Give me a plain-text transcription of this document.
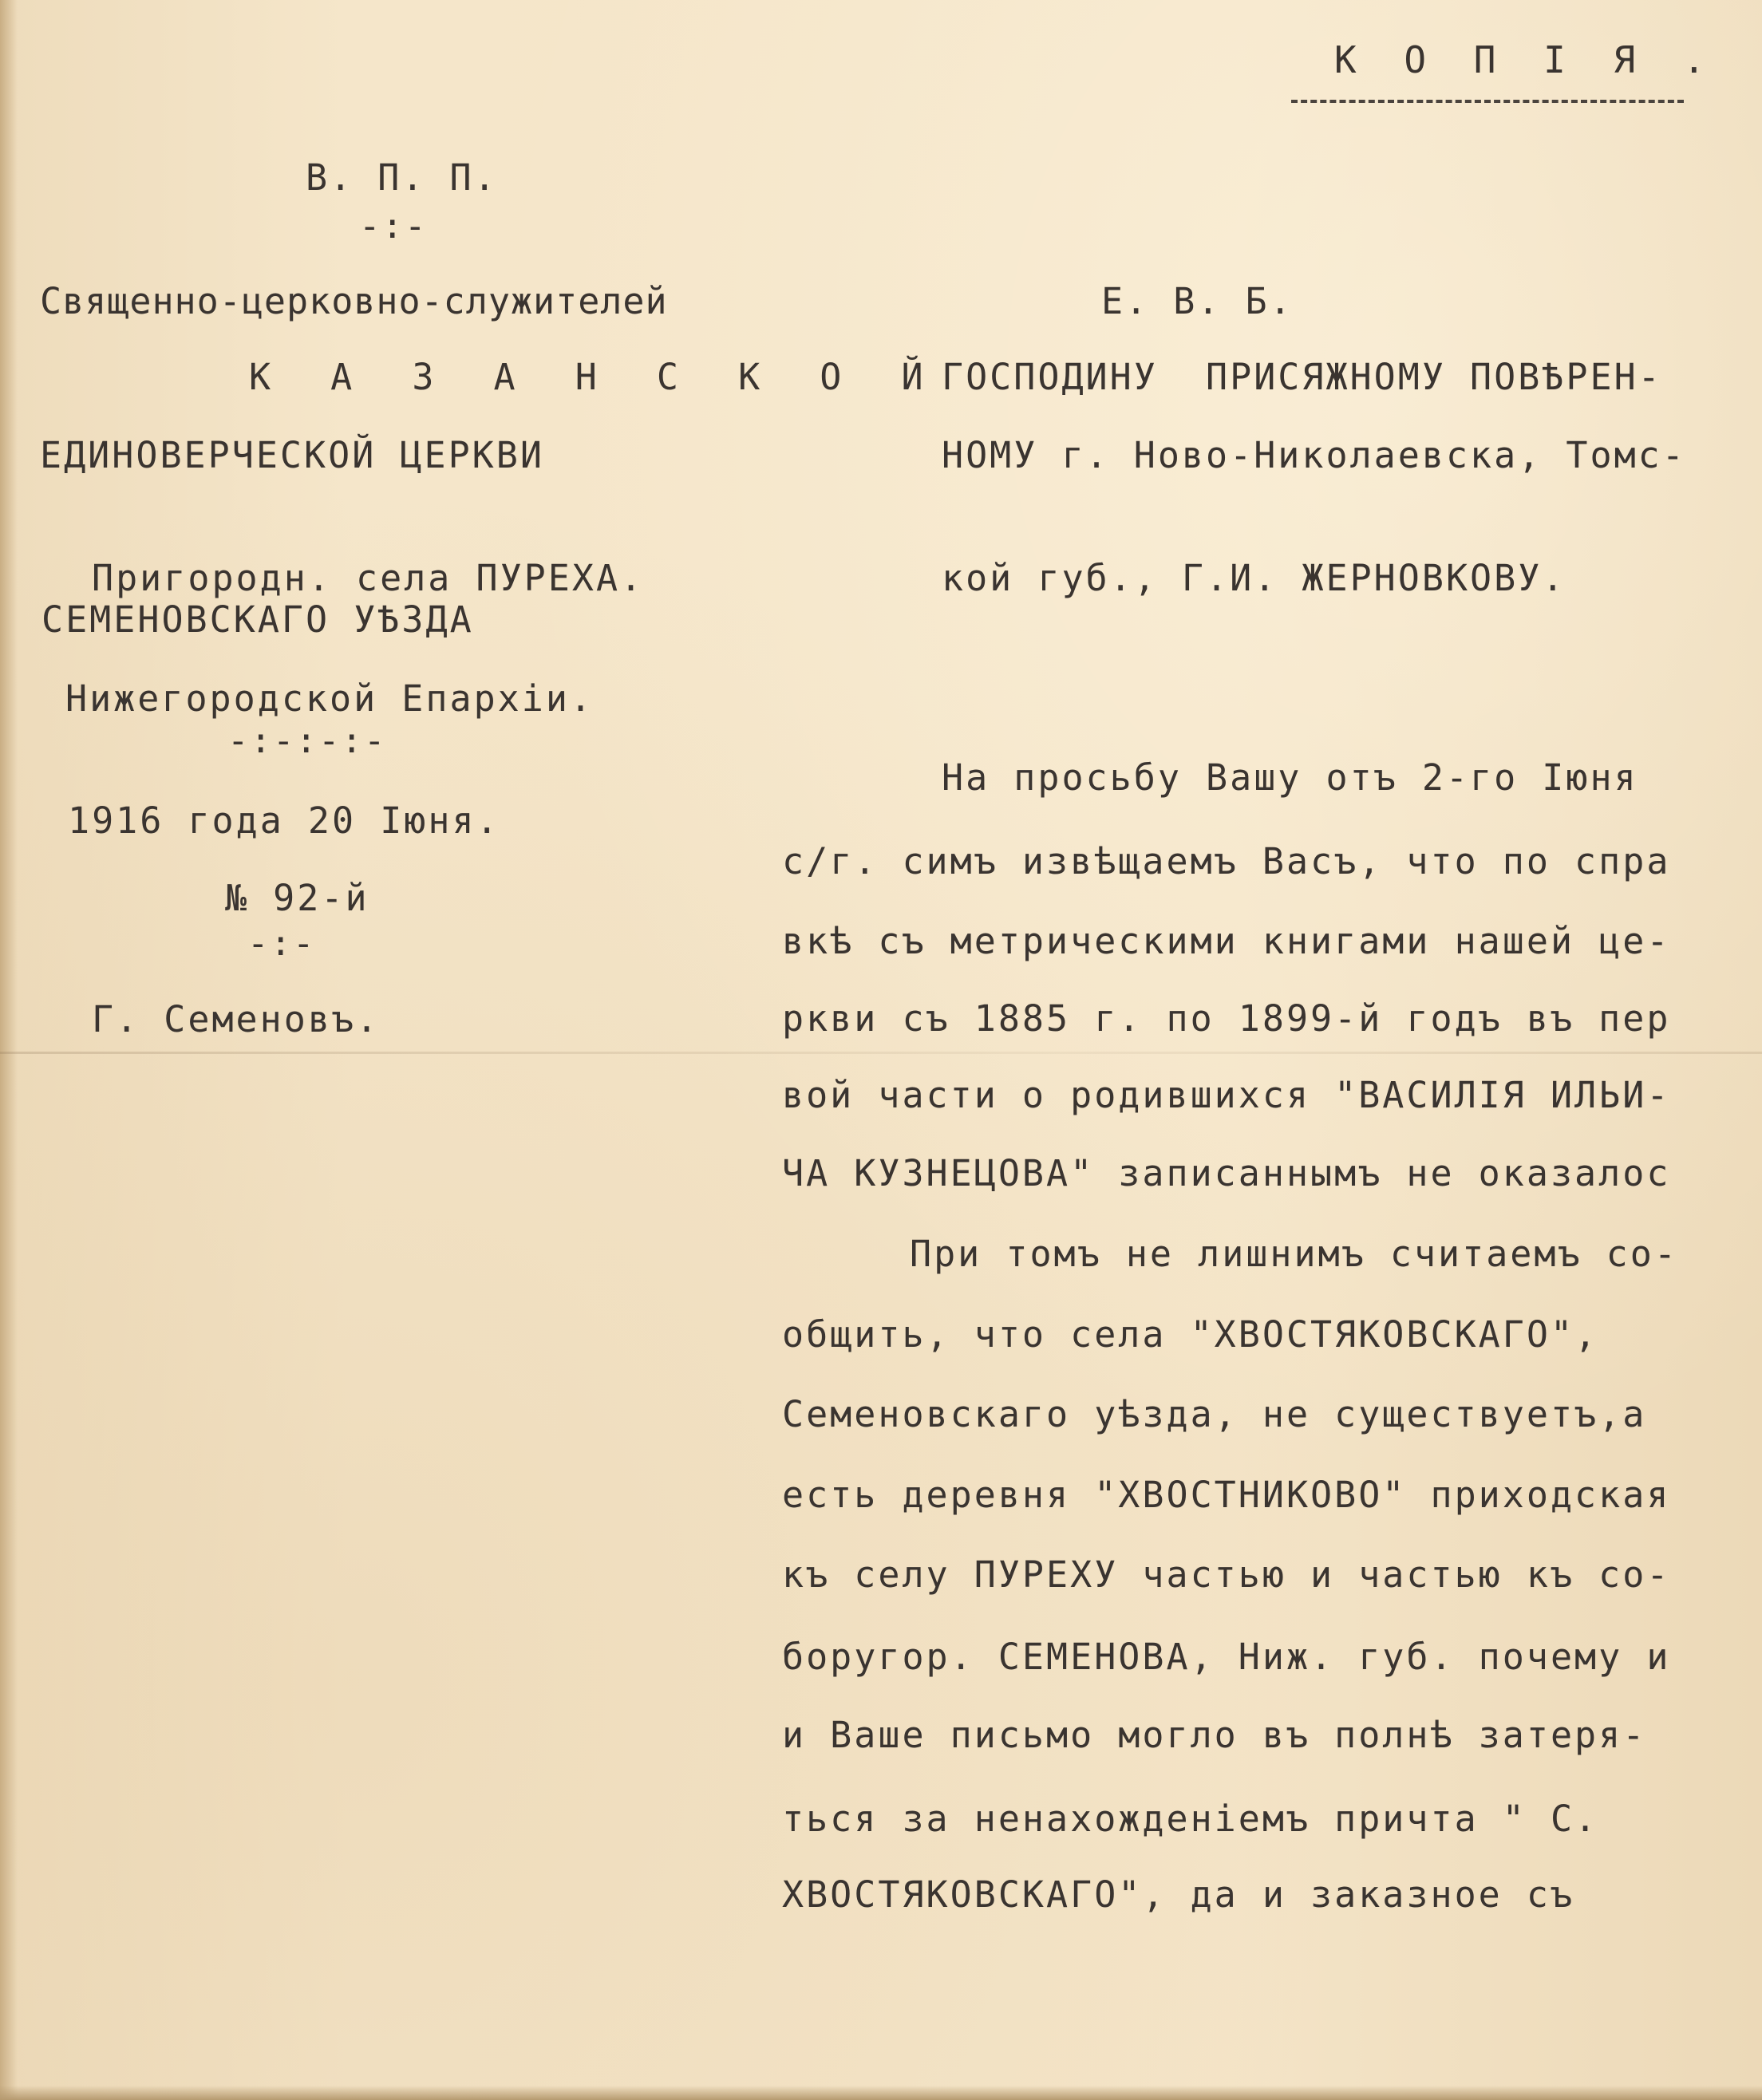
К О П І Я .
В. П. П.
-:-
Священно-церковно-служителей
К А З А Н С К О Й
ЕДИНОВЕРЧЕСКОЙ ЦЕРКВИ
Пригородн. села ПУРЕХА.
СЕМЕНОВСКАГО УѢЗДА
Нижегородской Епархіи.
-:-:-:-
1916 года 20 Іюня.
№ 92-й
-:-
Г. Семеновъ.
Е. В. Б.
ГОСПОДИНУ  ПРИСЯЖНОМУ ПОВѢРЕН-
НОМУ г. Ново-Николаевска, Томс-
кой губ., Г.И. ЖЕРНОВКОВУ.
На просьбу Вашу отъ 2-го Іюня
с/г. симъ извѣщаемъ Васъ, что по спра
вкѣ съ метрическими книгами нашей це-
ркви съ 1885 г. по 1899-й годъ въ пер
вой части о родившихся "ВАСИЛІЯ ИЛЬИ-
ЧА КУЗНЕЦОВА" записаннымъ не оказалос
При томъ не лишнимъ считаемъ со-
общить, что села "ХВОСТЯКОВСКАГО",
Семеновскаго уѣзда, не существуетъ,а
есть деревня "ХВОСТНИКОВО" приходская
къ селу ПУРЕХУ частью и частью къ со-
боругор. СЕМЕНОВА, Ниж. губ. почему и
и Ваше письмо могло въ полнѣ затеря-
ться за ненахожденіемъ причта " С.
ХВОСТЯКОВСКАГО", да и заказное съ
